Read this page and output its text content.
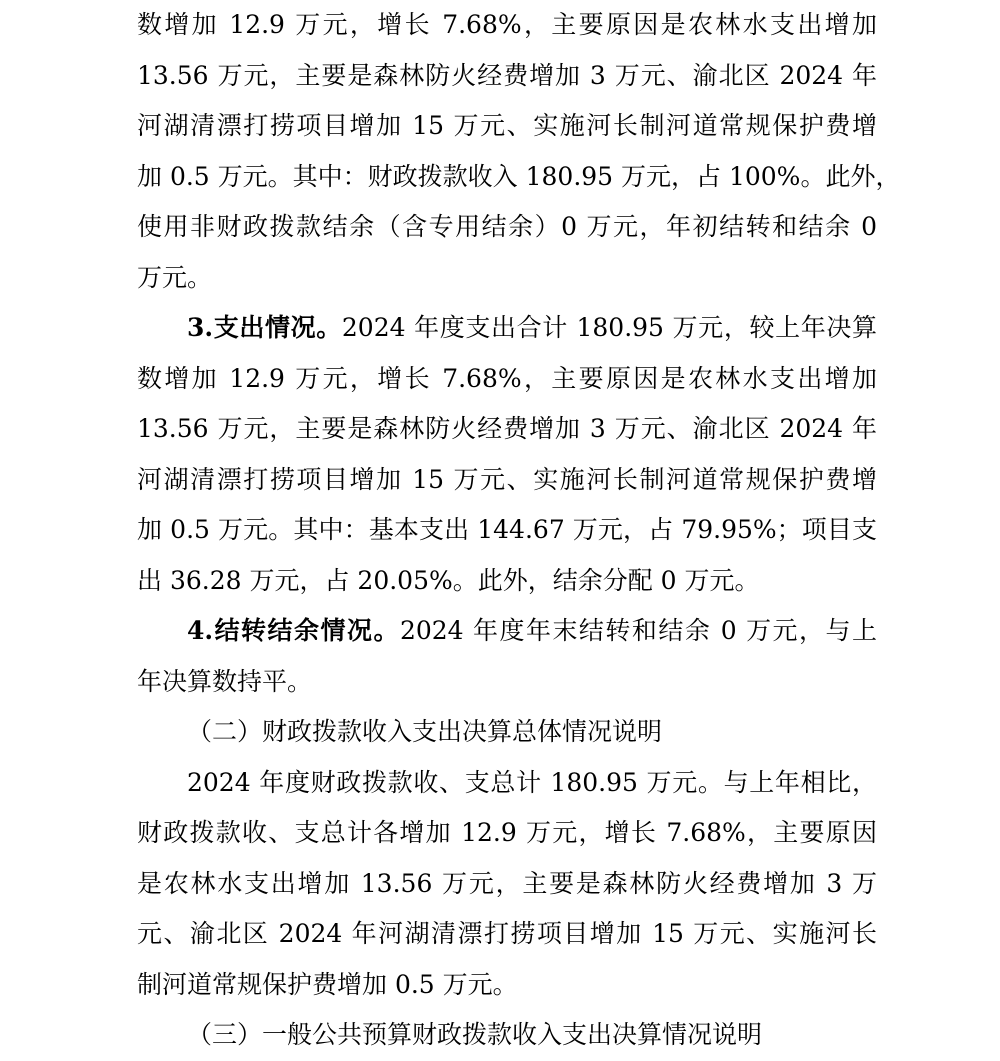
数增加 12.9 万元，增长 7.68%，主要原因是农林水支出增加
13.56 万元，主要是森林防火经费增加 3 万元、渝北区 2024 年
河湖清漂打捞项目增加 15 万元、实施河长制河道常规保护费增
加 0.5 万元。其中：财政拨款收入 180.95 万元，占 100%。此外，
使用非财政拨款结余（含专用结余）0 万元，年初结转和结余 0
万元。
3.支出情况。2024 年度支出合计 180.95 万元，较上年决算
数增加 12.9 万元，增长 7.68%，主要原因是农林水支出增加
13.56 万元，主要是森林防火经费增加 3 万元、渝北区 2024 年
河湖清漂打捞项目增加 15 万元、实施河长制河道常规保护费增
加 0.5 万元。其中：基本支出 144.67 万元，占 79.95%；项目支
出 36.28 万元，占 20.05%。此外，结余分配 0 万元。
4.结转结余情况。2024 年度年末结转和结余 0 万元，与上
年决算数持平。
（二）财政拨款收入支出决算总体情况说明
2024 年度财政拨款收、支总计 180.95 万元。与上年相比，
财政拨款收、支总计各增加 12.9 万元，增长 7.68%，主要原因
是农林水支出增加 13.56 万元，主要是森林防火经费增加 3 万
元、渝北区 2024 年河湖清漂打捞项目增加 15 万元、实施河长
制河道常规保护费增加 0.5 万元。
（三）一般公共预算财政拨款收入支出决算情况说明
